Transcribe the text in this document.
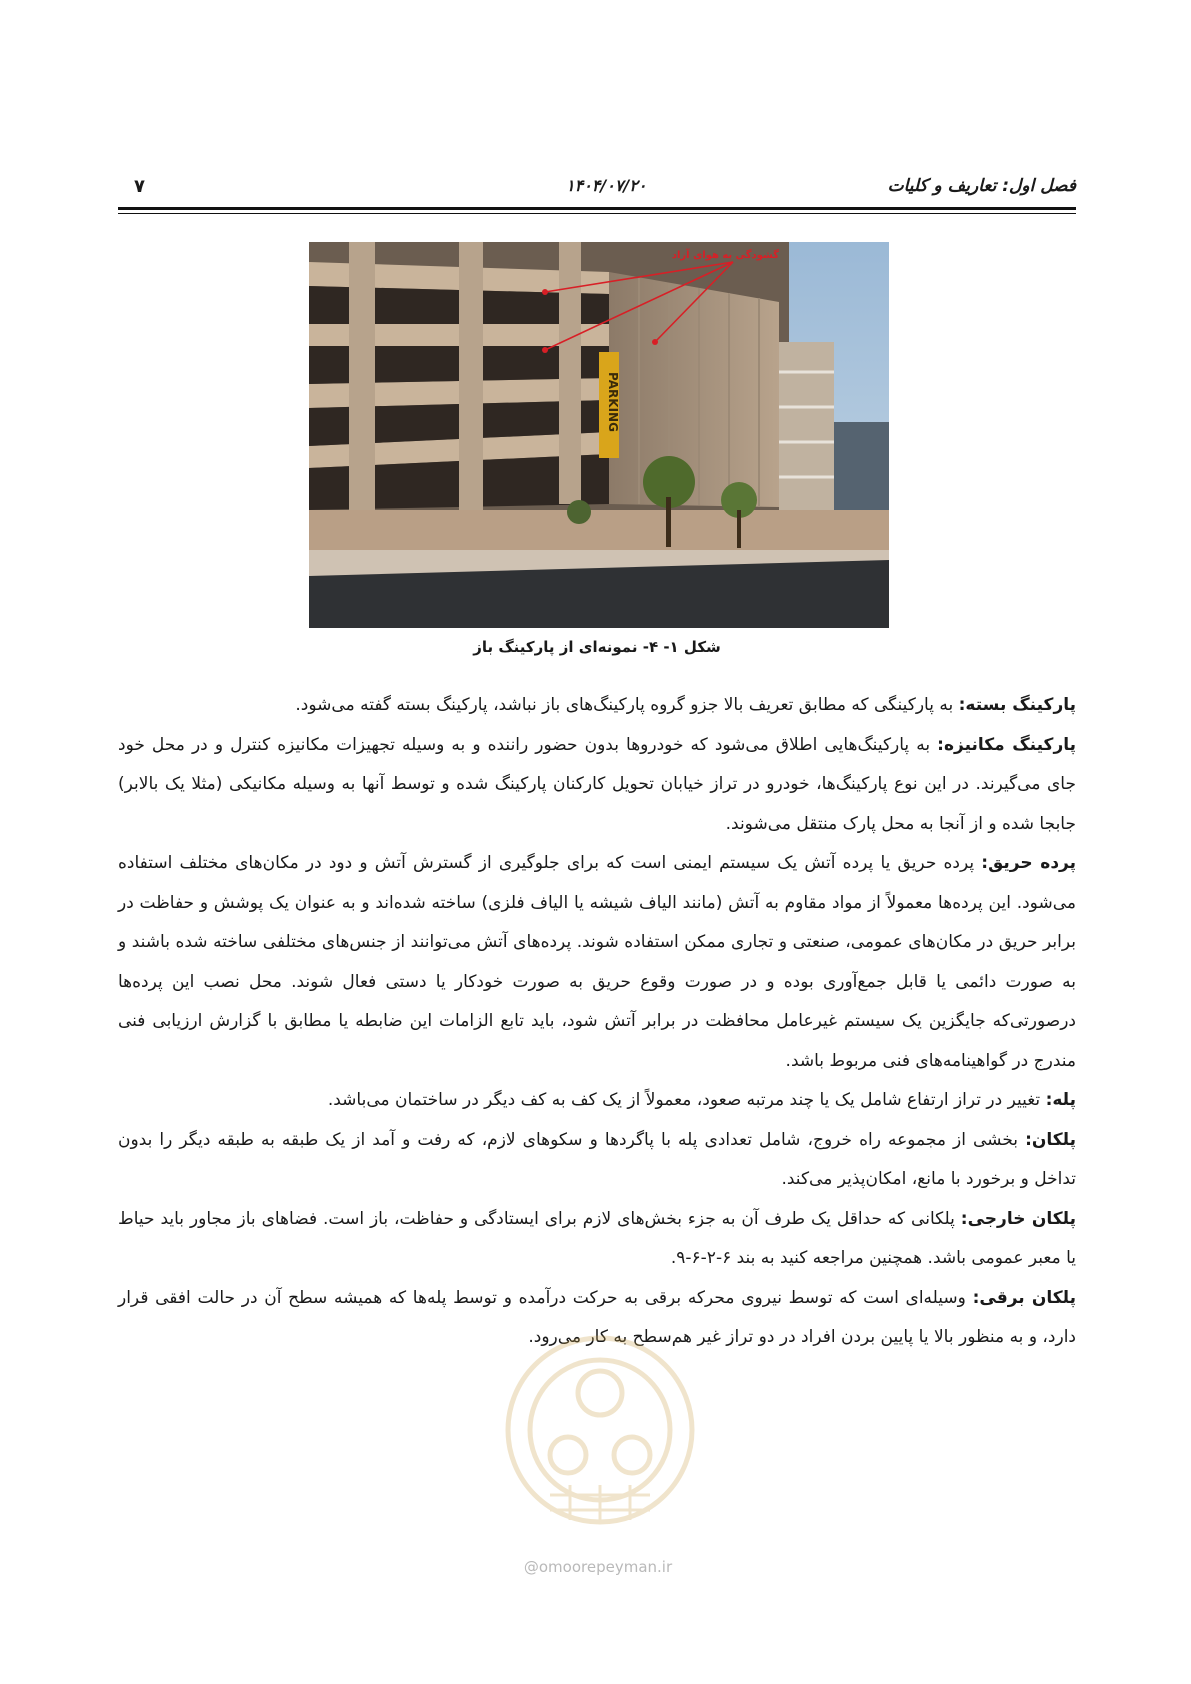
فصل اول: تعاریف و کلیات
۱۴۰۴/۰۷/۲۰
۷
PARKING
گشودگی به هوای آزاد
شکل ۱- ۴- نمونه‌ای از پارکینگ باز

پارکینگ بسته: به پارکینگی که مطابق تعریف بالا جزو گروه پارکینگ‌های باز نباشد، پارکینگ بسته گفته می‌شود.

پارکینگ مکانیزه: به پارکینگ‌هایی اطلاق می‌شود که خودروها بدون حضور راننده و به وسیله تجهیزات مکانیزه کنترل و در محل خود جای می‌گیرند. در این نوع پارکینگ‌ها، خودرو در تراز خیابان تحویل کارکنان پارکینگ شده و توسط آنها به وسیله مکانیکی (مثلا یک بالابر) جابجا شده و از آنجا به محل پارک منتقل می‌شوند.

پرده حریق: پرده حریق یا پرده آتش یک سیستم ایمنی است که برای جلوگیری از گسترش آتش و دود در مکان‌های مختلف استفاده می‌شود. این پرده‌ها معمولاً از مواد مقاوم به آتش (مانند الیاف شیشه یا الیاف فلزی) ساخته شده‌اند و به عنوان یک پوشش و حفاظت در برابر حریق در مکان‌های عمومی، صنعتی و تجاری ممکن استفاده شوند. پرده‌های آتش می‌توانند از جنس‌های مختلفی ساخته شده باشند و به صورت دائمی یا قابل جمع‌آوری بوده و در صورت وقوع حریق به صورت خودکار یا دستی فعال شوند. محل نصب این پرده‌ها درصورتی‌که جایگزین یک سیستم غیرعامل محافظت در برابر آتش شود، باید تابع الزامات این ضابطه یا مطابق با گزارش ارزیابی فنی مندرج در گواهینامه‌های فنی مربوط باشد.

پله: تغییر در تراز ارتفاع شامل یک یا چند مرتبه صعود، معمولاً از یک کف به کف دیگر در ساختمان می‌باشد.

پلکان: بخشی از مجموعه راه خروج، شامل تعدادی پله با پاگردها و سکوهای لازم، که رفت و آمد از یک طبقه به طبقه دیگر را بدون تداخل و برخورد با مانع، امکان‌پذیر می‌کند.

پلکان خارجی: پلکانی که حداقل یک طرف آن به جزء بخش‌های لازم برای ایستادگی و حفاظت، باز است. فضاهای باز مجاور باید حیاط یا معبر عمومی باشد. همچنین مراجعه کنید به بند ۶-۲-۶-۹.

پلکان برقی: وسیله‌ای است که توسط نیروی محرکه برقی به حرکت درآمده و توسط پله‌ها که همیشه سطح آن در حالت افقی قرار دارد، و به منظور بالا یا پایین بردن افراد در دو تراز غیر هم‌سطح به کار می‌رود.

@omoorepeyman.ir
